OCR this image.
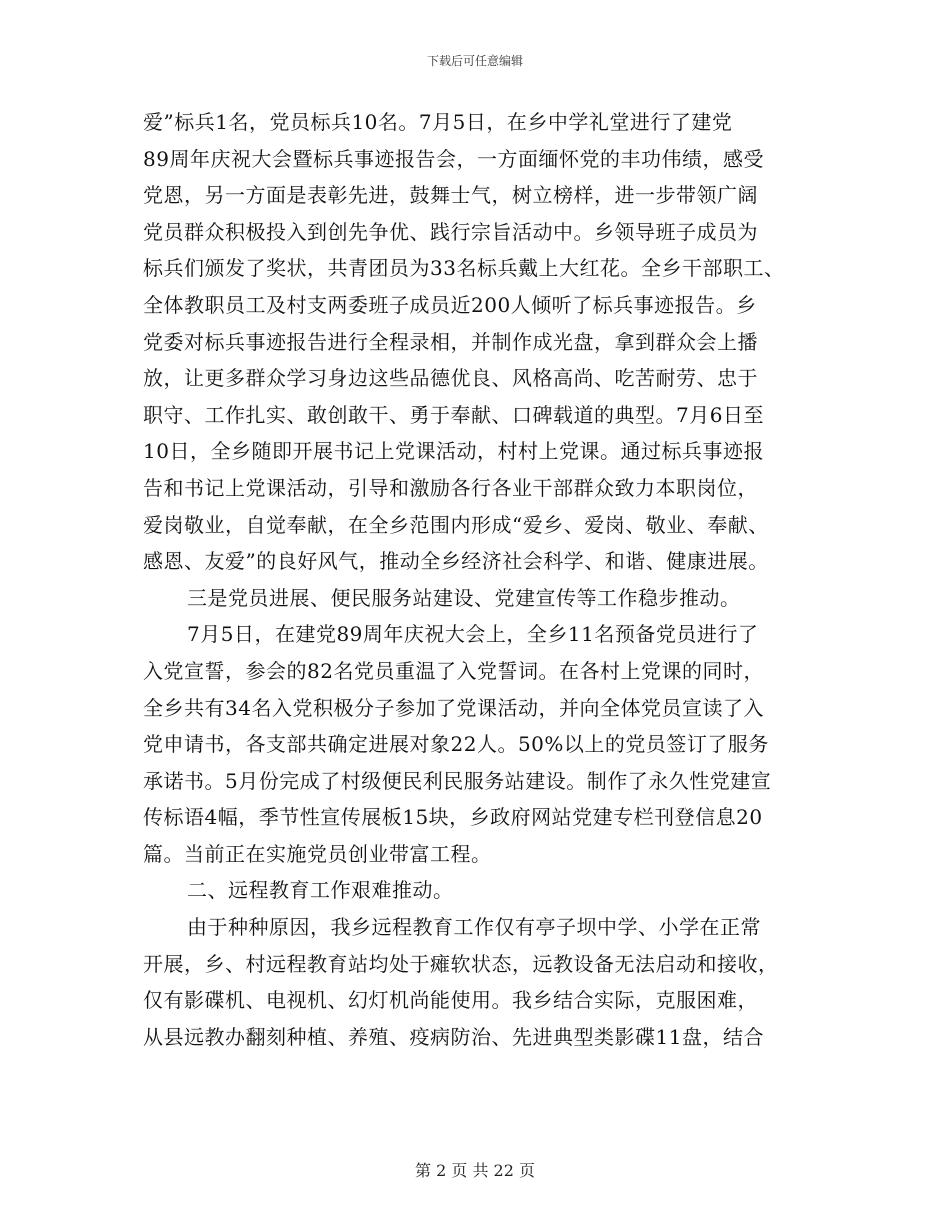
下载后可任意编辑
爱”标兵1名，党员标兵10名。7月5日，在乡中学礼堂进行了建党
89周年庆祝大会暨标兵事迹报告会，一方面缅怀党的丰功伟绩，感受
党恩，另一方面是表彰先进，鼓舞士气，树立榜样，进一步带领广阔
党员群众积极投入到创先争优、践行宗旨活动中。乡领导班子成员为
标兵们颁发了奖状，共青团员为33名标兵戴上大红花。全乡干部职工、
全体教职员工及村支两委班子成员近200人倾听了标兵事迹报告。乡
党委对标兵事迹报告进行全程录相，并制作成光盘，拿到群众会上播
放，让更多群众学习身边这些品德优良、风格高尚、吃苦耐劳、忠于
职守、工作扎实、敢创敢干、勇于奉献、口碑载道的典型。7月6日至
10日，全乡随即开展书记上党课活动，村村上党课。通过标兵事迹报
告和书记上党课活动，引导和激励各行各业干部群众致力本职岗位，
爱岗敬业，自觉奉献，在全乡范围内形成“爱乡、爱岗、敬业、奉献、
感恩、友爱”的良好风气，推动全乡经济社会科学、和谐、健康进展。
三是党员进展、便民服务站建设、党建宣传等工作稳步推动。
7月5日，在建党89周年庆祝大会上，全乡11名预备党员进行了
入党宣誓，参会的82名党员重温了入党誓词。在各村上党课的同时，
全乡共有34名入党积极分子参加了党课活动，并向全体党员宣读了入
党申请书，各支部共确定进展对象22人。50%以上的党员签订了服务
承诺书。5月份完成了村级便民利民服务站建设。制作了永久性党建宣
传标语4幅，季节性宣传展板15块，乡政府网站党建专栏刊登信息20
篇。当前正在实施党员创业带富工程。
二、远程教育工作艰难推动。
由于种种原因，我乡远程教育工作仅有亭子坝中学、小学在正常
开展，乡、村远程教育站均处于瘫软状态，远教设备无法启动和接收，
仅有影碟机、电视机、幻灯机尚能使用。我乡结合实际，克服困难，
从县远教办翻刻种植、养殖、疫病防治、先进典型类影碟11盘，结合
第 2 页 共 22 页
